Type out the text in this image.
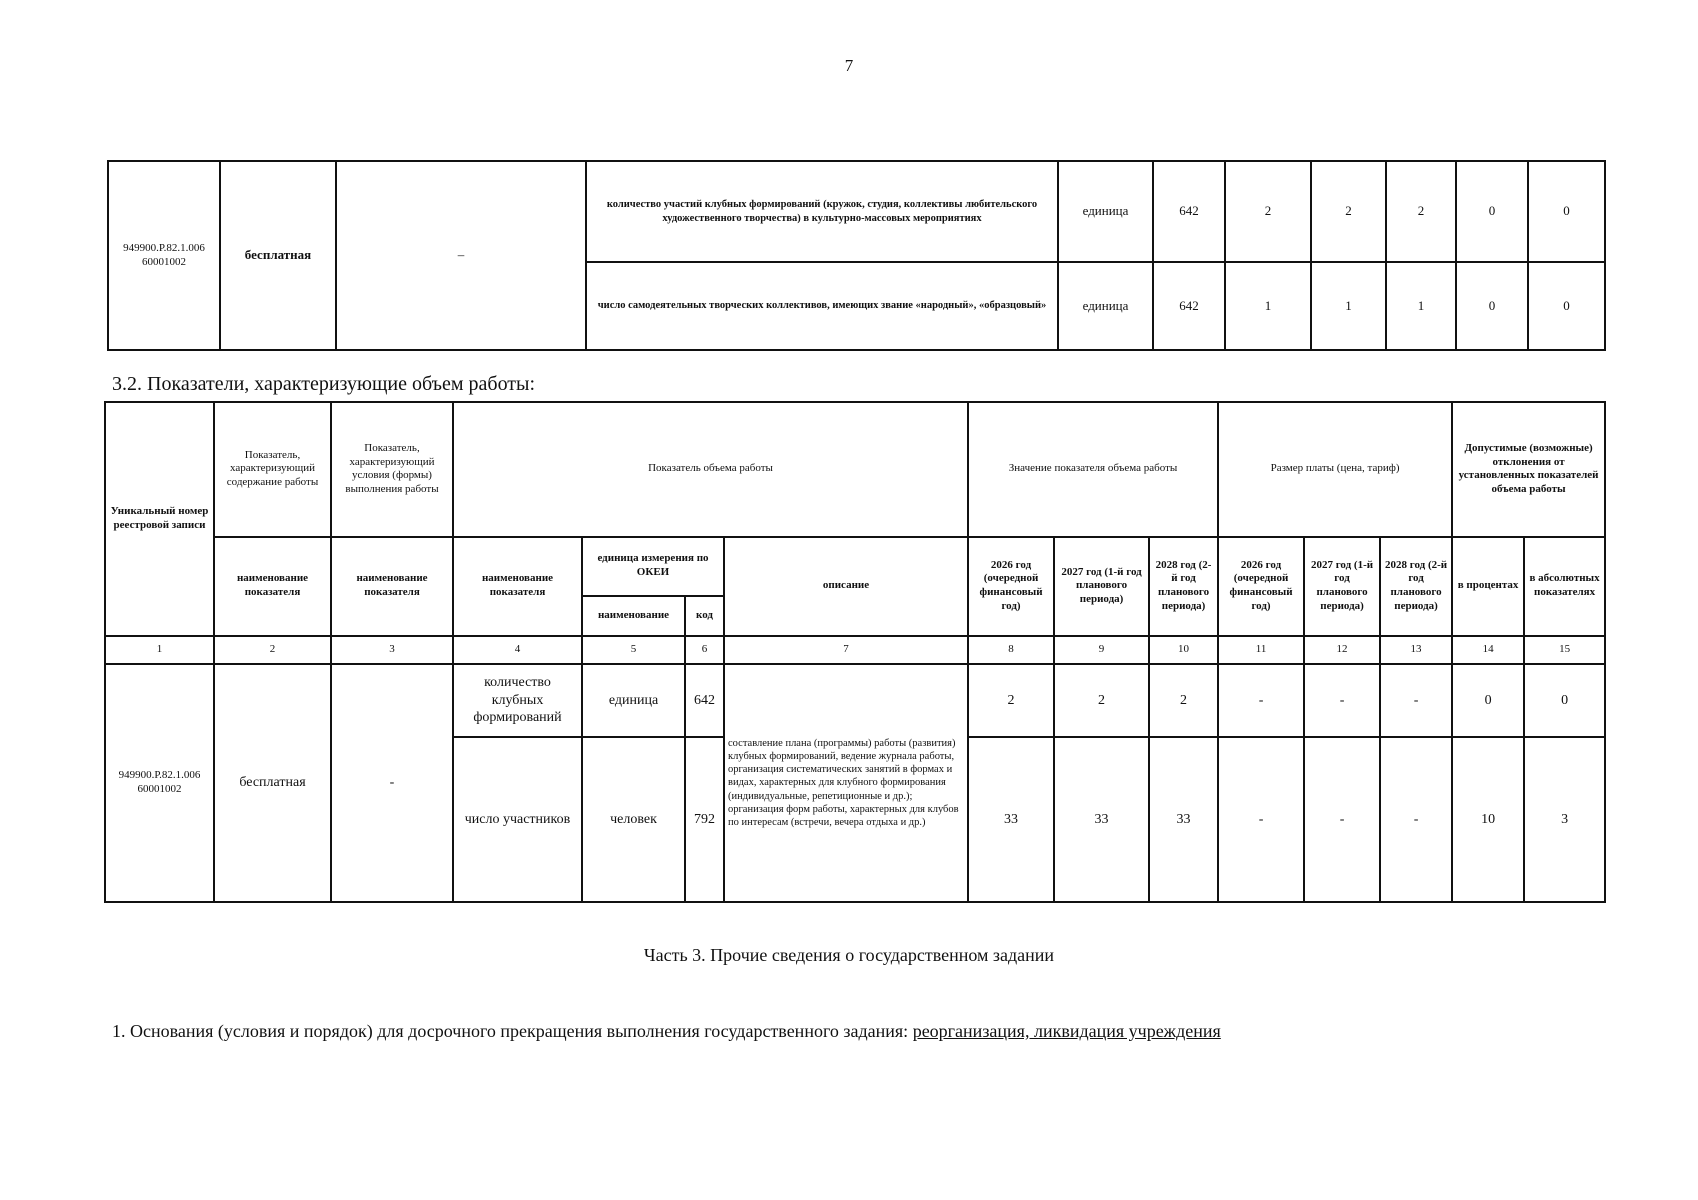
7
949900.Р.82.1.006 60001002	бесплатная	–	количество участий клубных формирований (кружок, студия, коллективы любительского художественного творчества) в культурно-массовых мероприятиях	единица	642	2	2	2	0	0
			число самодеятельных творческих коллективов, имеющих звание «народный», «образцовый»	единица	642	1	1	1	0	0
3.2. Показатели, характеризующие объем работы:
Уникальный номер реестровой записи	Показатель, характеризующий содержание работы	Показатель, характеризующий условия (формы) выполнения работы	Показатель объема работы				Значение показателя объема работы			Размер платы (цена, тариф)			Допустимые (возможные) отклонения от установленных показателей объема работы	
	наименование показателя	наименование показателя	наименование показателя	единица измерения по ОКЕИ		описание	2026 год (очередной финансовый год)	2027 год (1-й год планового периода)	2028 год (2-й год планового периода)	2026 год (очередной финансовый год)	2027 год (1-й год планового периода)	2028 год (2-й год планового периода)	в процентах	в абсолютных показателях
				наименование	код									
1	2	3	4	5	6	7	8	9	10	11	12	13	14	15
949900.Р.82.1.006 60001002	бесплатная	-	количество клубных формирований	единица	642	составление плана (программы) работы (развития) клубных формирований, ведение журнала работы, организация систематических занятий в формах и видах, характерных для клубного формирования (индивидуальные, репетиционные и др.); организация форм работы, характерных для клубов по интересам (встречи, вечера отдыха и др.)	2	2	2	-	-	-	0	0
			число участников	человек	792		33	33	33	-	-	-	10	3
Часть 3. Прочие сведения о государственном задании
1. Основания (условия и порядок) для досрочного прекращения выполнения государственного задания: реорганизация, ликвидация учреждения
